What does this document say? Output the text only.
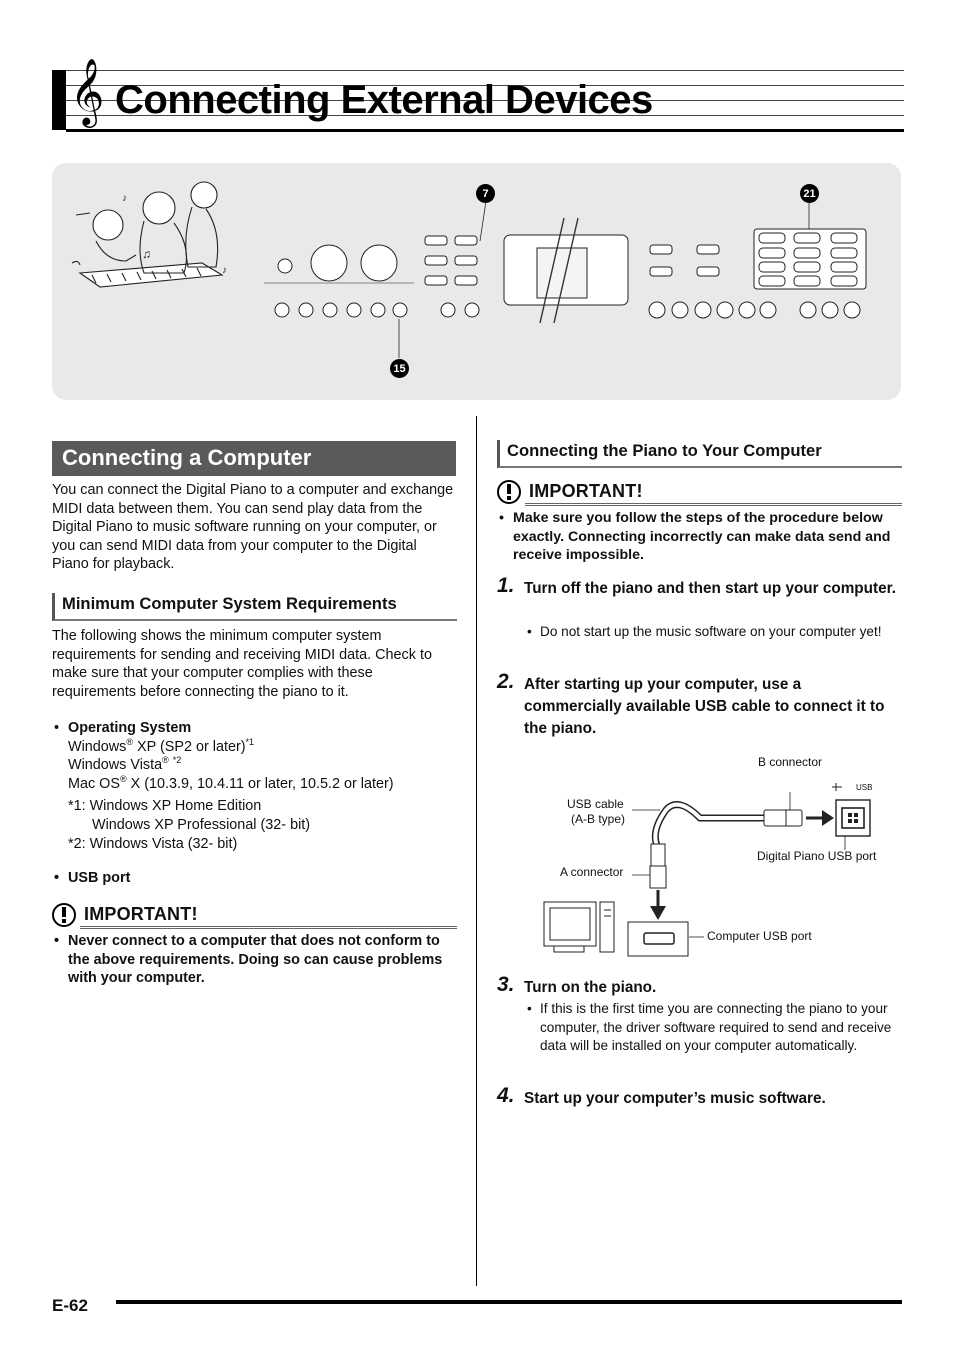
𝄞 Connecting External Devices
♪
♫
♪
7	21
15
Connecting a Computer
You can connect the Digital Piano to a computer and exchange MIDI data between them. You can send play data from the Digital Piano to music software running on your computer, or you can send MIDI data from your computer to the Digital Piano for playback.
Minimum Computer System Requirements
The following shows the minimum computer system requirements for sending and receiving MIDI data. Check to make sure that your computer complies with these requirements before connecting the piano to it.
• Operating System
Windows® XP (SP2 or later)$^{*1}$
Windows Vista® $^{*2}$
Mac OS® X (10.3.9, 10.4.11 or later, 10.5.2 or later)
*1: Windows XP Home Edition
Windows XP Professional (32- bit)
*2: Windows Vista (32- bit)
• USB port
IMPORTANT!
• Never connect to a computer that does not conform to the above requirements. Doing so can cause problems with your computer.
Connecting the Piano to Your Computer
IMPORTANT!
• Make sure you follow the steps of the procedure below exactly. Connecting incorrectly can make data send and receive impossible.
1. Turn off the piano and then start up your computer.
• Do not start up the music software on your computer yet!
2. After starting up your computer, use a commercially available USB cable to connect it to the piano.
B connector
USB
USB cable
(A-B type)
Digital Piano USB port
A connector
Computer USB port
3. Turn on the piano.
• If this is the first time you are connecting the piano to your computer, the driver software required to send and receive data will be installed on your computer automatically.
4. Start up your computer’s music software.
E-62
